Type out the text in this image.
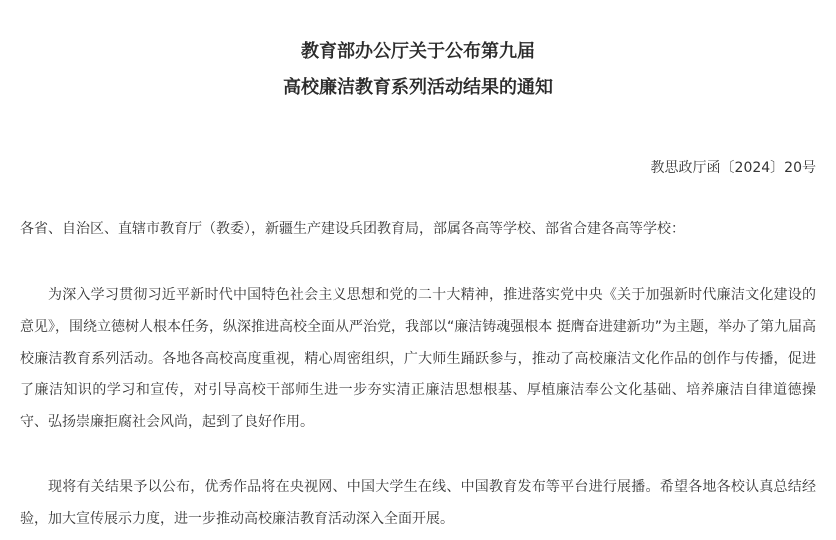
教育部办公厅关于公布第九届
高校廉洁教育系列活动结果的通知
教思政厅函〔2024〕20号
各省、自治区、直辖市教育厅（教委），新疆生产建设兵团教育局，部属各高等学校、部省合建各高等学校：

为深入学习贯彻习近平新时代中国特色社会主义思想和党的二十大精神，推进落实党中央《关于加强新时代廉洁文化建设的意见》，围绕立德树人根本任务，纵深推进高校全面从严治党，我部以“廉洁铸魂强根本 挺膺奋进建新功”为主题，举办了第九届高校廉洁教育系列活动。各地各高校高度重视，精心周密组织，广大师生踊跃参与，推动了高校廉洁文化作品的创作与传播，促进了廉洁知识的学习和宣传，对引导高校干部师生进一步夯实清正廉洁思想根基、厚植廉洁奉公文化基础、培养廉洁自律道德操守、弘扬崇廉拒腐社会风尚，起到了良好作用。

现将有关结果予以公布，优秀作品将在央视网、中国大学生在线、中国教育发布等平台进行展播。希望各地各校认真总结经验，加大宣传展示力度，进一步推动高校廉洁教育活动深入全面开展。
